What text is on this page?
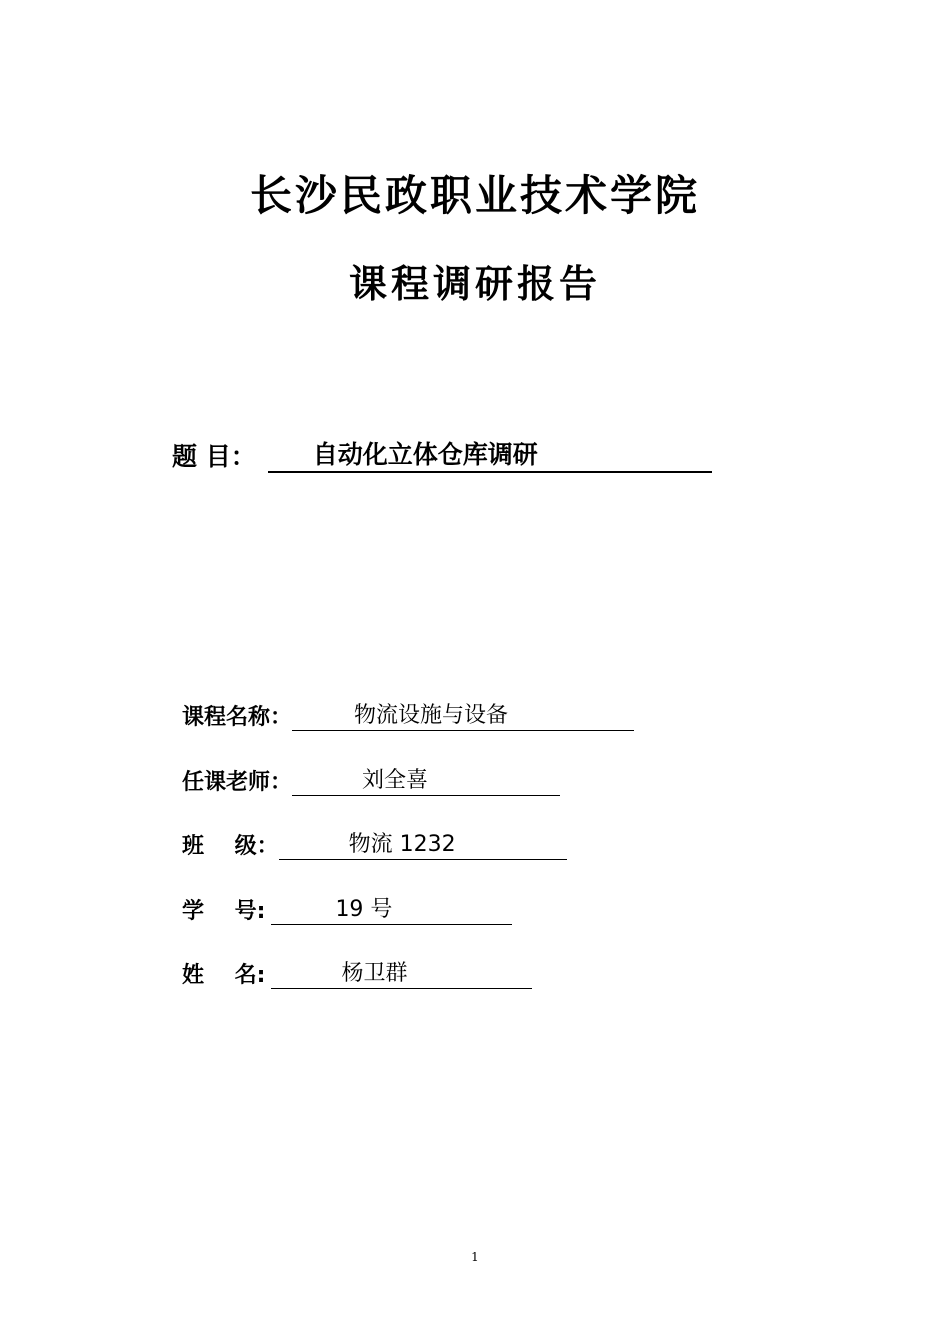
长沙民政职业技术学院
课程调研报告
题 目：	自动化立体仓库调研
课程名称：	物流设施与设备
任课老师：	刘全喜
班    级：	物流 1232
学    号:	19 号
姓    名:	杨卫群
1
